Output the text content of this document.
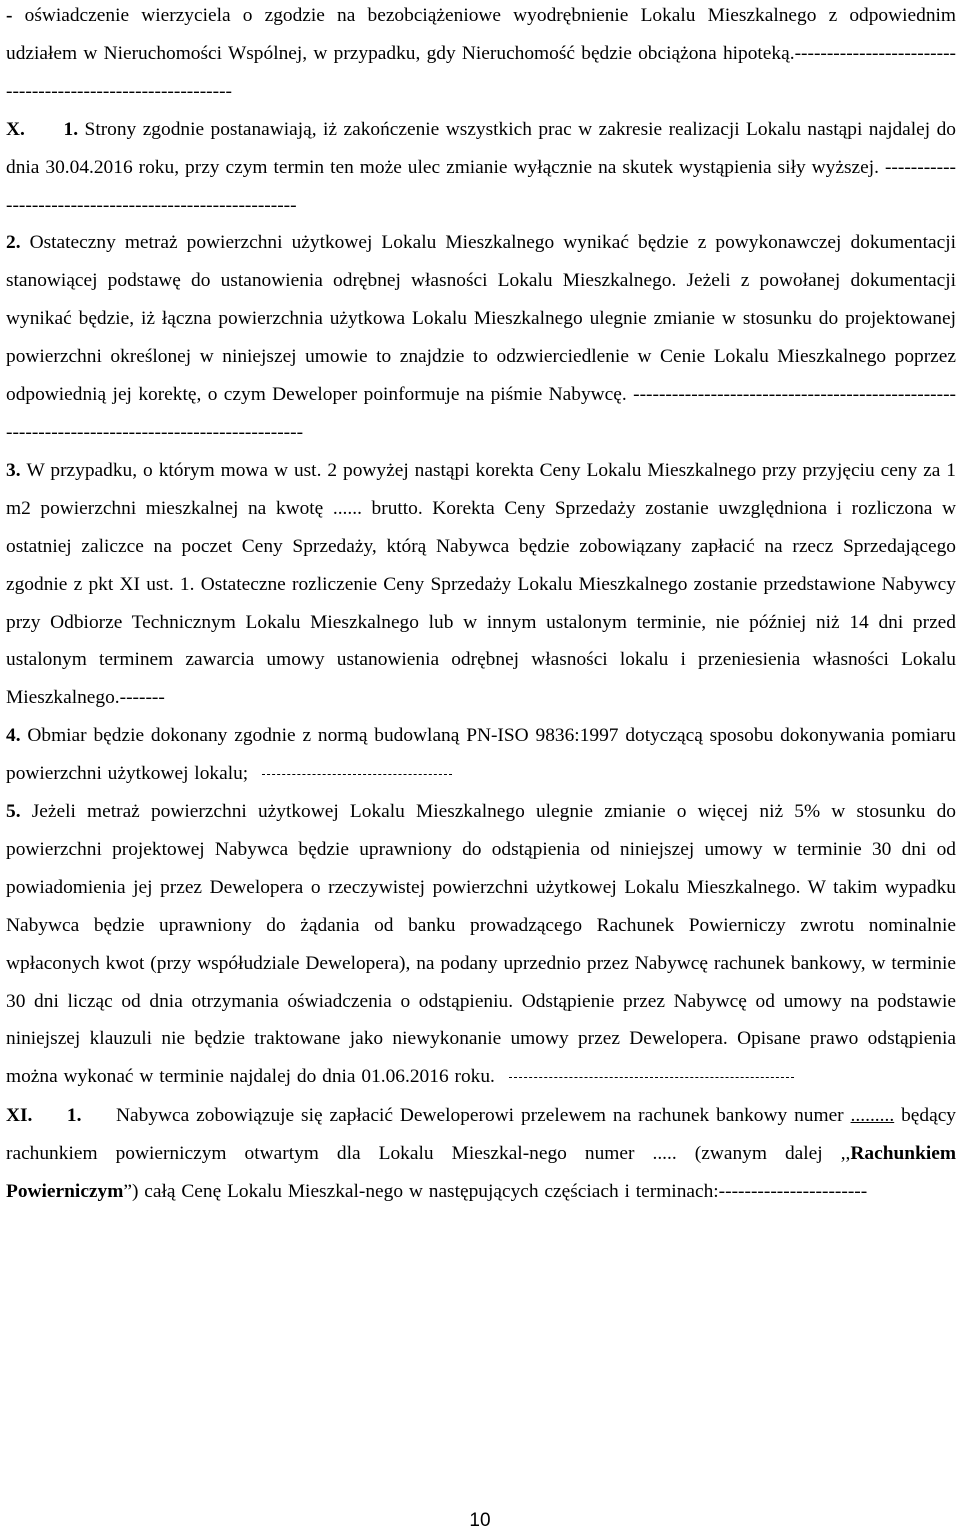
- oświadczenie wierzyciela o zgodzie na bezobciążeniowe wyodrębnienie Lokalu Mieszkalnego z odpowiednim udziałem w Nieruchomości Wspólnej, w przypadku, gdy Nieruchomość będzie obciążona hipoteką.------------------------------------------------------------

X.      1. Strony zgodnie postanawiają, iż zakończenie wszystkich prac w zakresie realizacji Lokalu nastąpi najdalej do dnia 30.04.2016 roku, przy czym termin ten może ulec zmianie wyłącznie na skutek wystąpienia siły wyższej. --------------------------------------------------------

2. Ostateczny metraż powierzchni użytkowej Lokalu Mieszkalnego wynikać będzie z powykonawczej dokumentacji stanowiącej podstawę do ustanowienia odrębnej własności Lokalu Mieszkalnego. Jeżeli z powołanej dokumentacji wynikać będzie, iż łączna powierzchnia użytkowa Lokalu Mieszkalnego ulegnie zmianie w stosunku do projektowanej powierzchni określonej w niniejszej umowie to znajdzie to odzwierciedlenie w Cenie Lokalu Mieszkalnego poprzez odpowiednią jej korektę, o czym Deweloper poinformuje na piśmie Nabywcę. ------------------------------------------------------------------------------------------------

3. W przypadku, o którym mowa w ust. 2 powyżej nastąpi korekta Ceny Lokalu Mieszkalnego przy przyjęciu ceny za 1 m2 powierzchni mieszkalnej na kwotę ...... brutto. Korekta Ceny Sprzedaży zostanie uwzględniona i rozliczona w ostatniej zaliczce na poczet Ceny Sprzedaży, którą Nabywca będzie zobowiązany zapłacić na rzecz Sprzedającego zgodnie z pkt XI ust. 1. Ostateczne rozliczenie Ceny Sprzedaży Lokalu Mieszkalnego zostanie przedstawione Nabywcy przy Odbiorze Technicznym Lokalu Mieszkalnego lub w innym ustalonym terminie, nie później niż 14 dni przed ustalonym terminem zawarcia umowy ustanowienia odrębnej własności lokalu i przeniesienia własności Lokalu Mieszkalnego.-------

4. Obmiar będzie dokonany zgodnie z normą budowlaną PN-ISO 9836:1997 dotyczącą sposobu dokonywania pomiaru powierzchni użytkowej lokalu;

5. Jeżeli metraż powierzchni użytkowej Lokalu Mieszkalnego ulegnie zmianie o więcej niż 5% w stosunku do powierzchni projektowej Nabywca będzie uprawniony do odstąpienia od niniejszej umowy w terminie 30 dni od powiadomienia jej przez Dewelopera o rzeczywistej powierzchni użytkowej Lokalu Mieszkalnego. W takim wypadku Nabywca będzie uprawniony do żądania od banku prowadzącego Rachunek Powierniczy zwrotu nominalnie wpłaconych kwot (przy współudziale Dewelopera), na podany uprzednio przez Nabywcę rachunek bankowy, w terminie 30 dni licząc od dnia otrzymania oświadczenia o odstąpieniu. Odstąpienie przez Nabywcę od umowy na podstawie niniejszej klauzuli nie będzie traktowane jako niewykonanie umowy przez Dewelopera. Opisane prawo odstąpienia można wykonać w terminie najdalej do dnia 01.06.2016 roku.

XI.     1.     Nabywca zobowiązuje się zapłacić Deweloperowi przelewem na rachunek bankowy numer ......... będący rachunkiem powierniczym otwartym dla Lokalu Mieszkal-nego numer ..... (zwanym dalej ,,Rachunkiem Powierniczym”) całą Cenę Lokalu Mieszkal-nego w następujących częściach i terminach:-----------------------

10
